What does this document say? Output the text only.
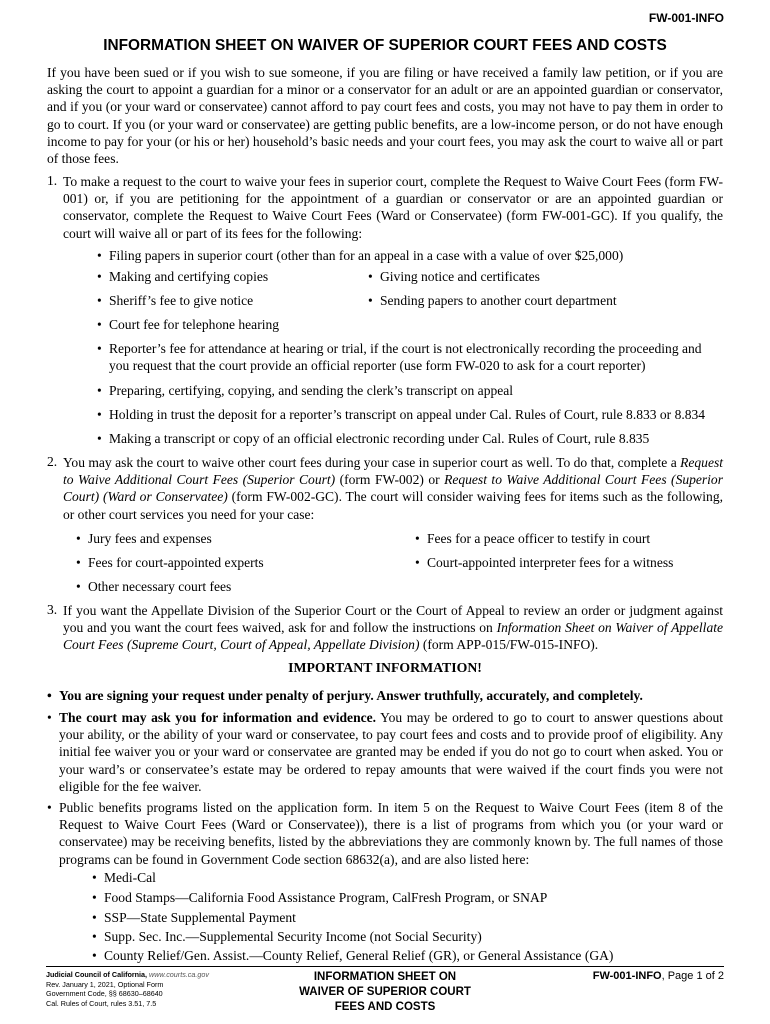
FW-001-INFO
INFORMATION SHEET ON WAIVER OF SUPERIOR COURT FEES AND COSTS
If you have been sued or if you wish to sue someone, if you are filing or have received a family law petition, or if you are asking the court to appoint a guardian for a minor or a conservator for an adult or are an appointed guardian or conservator, and if you (or your ward or conservatee) cannot afford to pay court fees and costs, you may not have to pay them in order to go to court. If you (or your ward or conservatee) are getting public benefits, are a low-income person, or do not have enough income to pay for your (or his or her) household’s basic needs and your court fees, you may ask the court to waive all or part of those fees.
1. To make a request to the court to waive your fees in superior court, complete the Request to Waive Court Fees (form FW-001) or, if you are petitioning for the appointment of a guardian or conservator or are an appointed guardian or conservator, complete the Request to Waive Court Fees (Ward or Conservatee) (form FW-001-GC). If you qualify, the court will waive all or part of its fees for the following:
• Filing papers in superior court (other than for an appeal in a case with a value of over $25,000)
• Making and certifying copies	• Giving notice and certificates
• Sheriff’s fee to give notice	• Sending papers to another court department
• Court fee for telephone hearing
• Reporter’s fee for attendance at hearing or trial, if the court is not electronically recording the proceeding and you request that the court provide an official reporter (use form FW-020 to ask for a court reporter)
• Preparing, certifying, copying, and sending the clerk’s transcript on appeal
• Holding in trust the deposit for a reporter’s transcript on appeal under Cal. Rules of Court, rule 8.833 or 8.834
• Making a transcript or copy of an official electronic recording under Cal. Rules of Court, rule 8.835
2. You may ask the court to waive other court fees during your case in superior court as well. To do that, complete a Request to Waive Additional Court Fees (Superior Court) (form FW-002) or Request to Waive Additional Court Fees (Superior Court) (Ward or Conservatee) (form FW-002-GC). The court will consider waiving fees for items such as the following, or other court services you need for your case:
• Jury fees and expenses	• Fees for a peace officer to testify in court
• Fees for court-appointed experts	• Court-appointed interpreter fees for a witness
• Other necessary court fees
3. If you want the Appellate Division of the Superior Court or the Court of Appeal to review an order or judgment against you and you want the court fees waived, ask for and follow the instructions on Information Sheet on Waiver of Appellate Court Fees (Supreme Court, Court of Appeal, Appellate Division) (form APP-015/FW-015-INFO).
IMPORTANT INFORMATION!
• You are signing your request under penalty of perjury. Answer truthfully, accurately, and completely.
• The court may ask you for information and evidence. You may be ordered to go to court to answer questions about your ability, or the ability of your ward or conservatee, to pay court fees and costs and to provide proof of eligibility. Any initial fee waiver you or your ward or conservatee are granted may be ended if you do not go to court when asked. You or your ward’s or conservatee’s estate may be ordered to repay amounts that were waived if the court finds you were not eligible for the fee waiver.
• Public benefits programs listed on the application form. In item 5 on the Request to Waive Court Fees (item 8 of the Request to Waive Court Fees (Ward or Conservatee)), there is a list of programs from which you (or your ward or conservatee) may be receiving benefits, listed by the abbreviations they are commonly known by. The full names of those programs can be found in Government Code section 68632(a), and are also listed here:
• Medi-Cal
• Food Stamps—California Food Assistance Program, CalFresh Program, or SNAP
• SSP—State Supplemental Payment
• Supp. Sec. Inc.—Supplemental Security Income (not Social Security)
• County Relief/Gen. Assist.—County Relief, General Relief (GR), or General Assistance (GA)
Judicial Council of California, www.courts.ca.gov
Rev. January 1, 2021, Optional Form
Government Code, §§ 68630–68640
Cal. Rules of Court, rules 3.51, 7.5
INFORMATION SHEET ON
WAIVER OF SUPERIOR COURT
FEES AND COSTS
FW-001-INFO, Page 1 of 2
